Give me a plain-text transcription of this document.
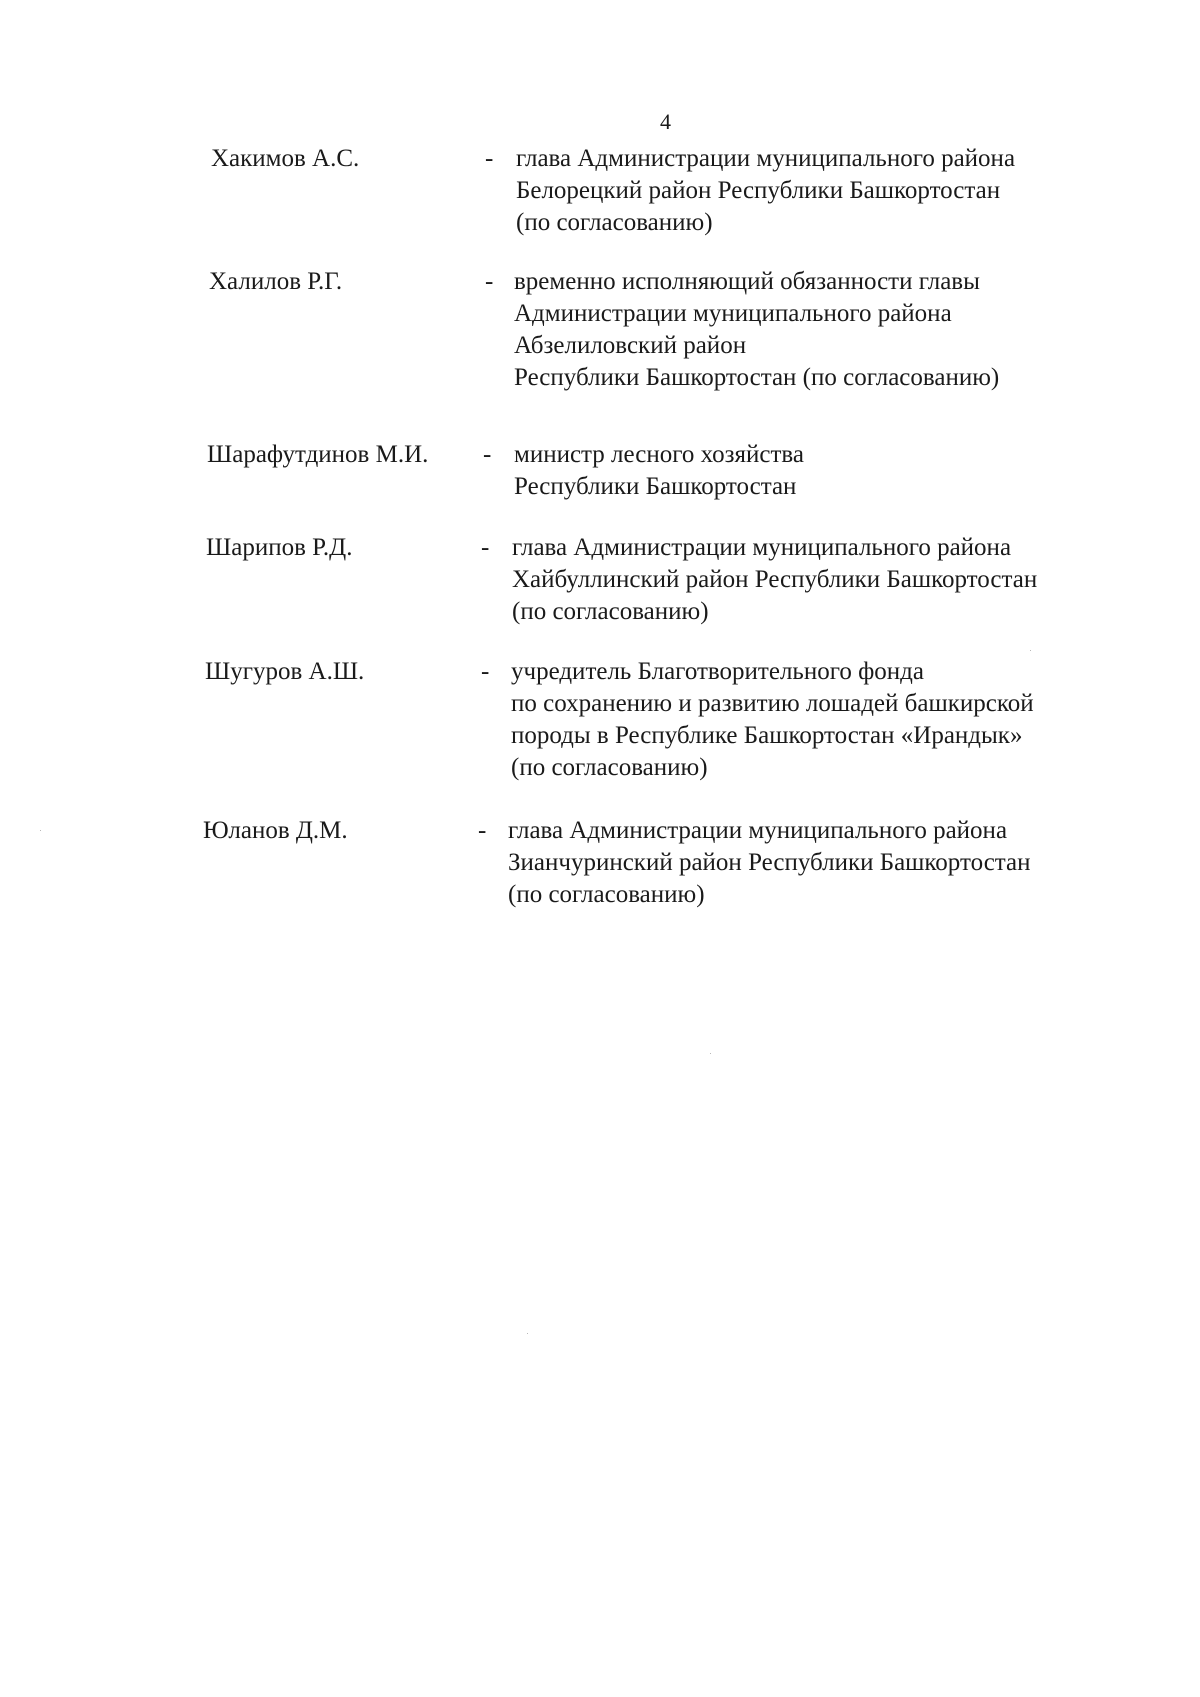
4
Хакимов А.С.	- глава Администрации муниципального района
Белорецкий район Республики Башкортостан
(по согласованию)
Халилов Р.Г.	- временно исполняющий обязанности главы
Администрации муниципального района
Абзелиловский район
Республики Башкортостан (по согласованию)
Шарафутдинов М.И. - министр лесного хозяйства
Республики Башкортостан
Шарипов Р.Д.	- глава Администрации муниципального района
Хайбуллинский район Республики Башкортостан
(по согласованию)
Шугуров А.Ш.	- учредитель Благотворительного фонда
по сохранению и развитию лошадей башкирской
породы в Республике Башкортостан «Ирандык»
(по согласованию)
Юланов Д.М.	- глава Администрации муниципального района
Зианчуринский район Республики Башкортостан
(по согласованию)
